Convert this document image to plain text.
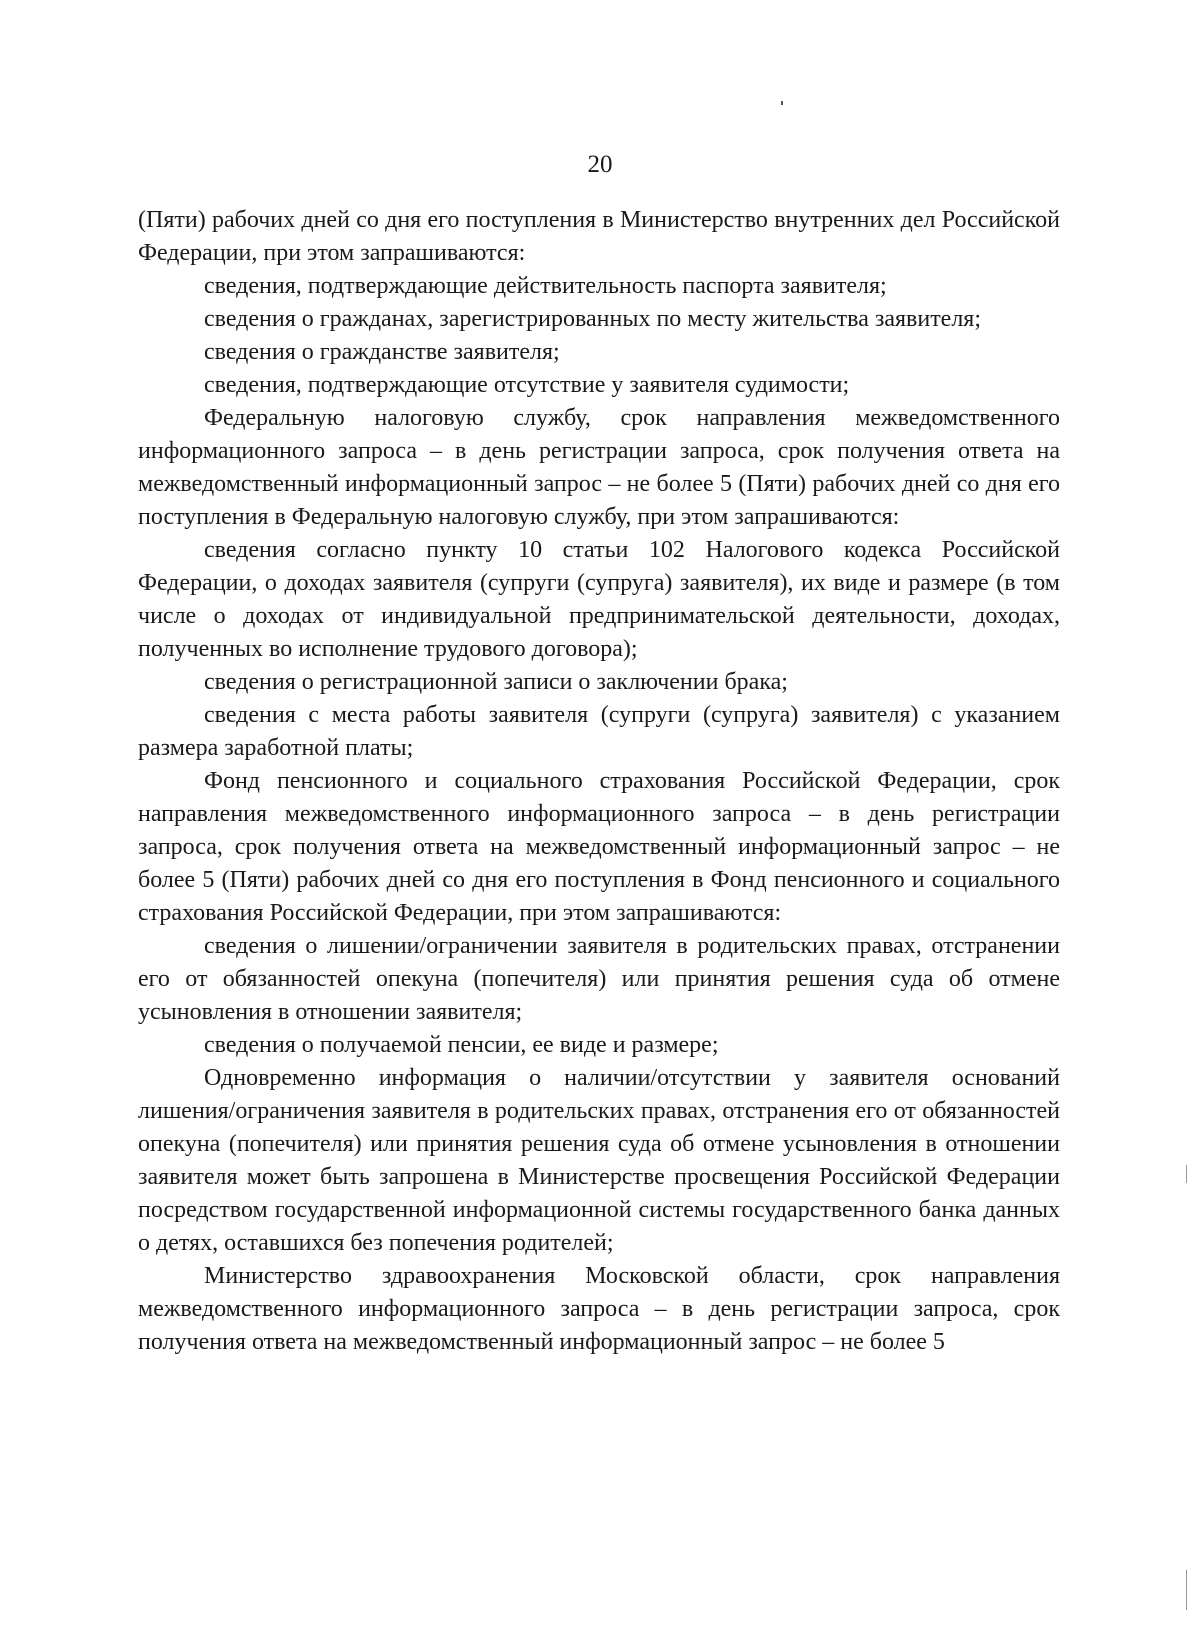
20

(Пяти) рабочих дней со дня его поступления в Министерство внутренних дел Российской Федерации, при этом запрашиваются:

сведения, подтверждающие действительность паспорта заявителя;

сведения о гражданах, зарегистрированных по месту жительства заявителя;

сведения о гражданстве заявителя;

сведения, подтверждающие отсутствие у заявителя судимости;

Федеральную налоговую службу, срок направления межведомственного информационного запроса – в день регистрации запроса, срок получения ответа на межведомственный информационный запрос – не более 5 (Пяти) рабочих дней со дня его поступления в Федеральную налоговую службу, при этом запрашиваются:

сведения согласно пункту 10 статьи 102 Налогового кодекса Российской Федерации, о доходах заявителя (супруги (супруга) заявителя), их виде и размере (в том числе о доходах от индивидуальной предпринимательской деятельности, доходах, полученных во исполнение трудового договора);

сведения о регистрационной записи о заключении брака;

сведения с места работы заявителя (супруги (супруга) заявителя) с указанием размера заработной платы;

Фонд пенсионного и социального страхования Российской Федерации, срок направления межведомственного информационного запроса – в день регистрации запроса, срок получения ответа на межведомственный информационный запрос – не более 5 (Пяти) рабочих дней со дня его поступления в Фонд пенсионного и социального страхования Российской Федерации, при этом запрашиваются:

сведения о лишении/ограничении заявителя в родительских правах, отстранении его от обязанностей опекуна (попечителя) или принятия решения суда об отмене усыновления в отношении заявителя;

сведения о получаемой пенсии, ее виде и размере;

Одновременно информация о наличии/отсутствии у заявителя оснований лишения/ограничения заявителя в родительских правах, отстранения его от обязанностей опекуна (попечителя) или принятия решения суда об отмене усыновления в отношении заявителя может быть запрошена в Министерстве просвещения Российской Федерации посредством государственной информационной системы государственного банка данных о детях, оставшихся без попечения родителей;

Министерство здравоохранения Московской области, срок направления межведомственного информационного запроса – в день регистрации запроса, срок получения ответа на межведомственный информационный запрос – не более 5
